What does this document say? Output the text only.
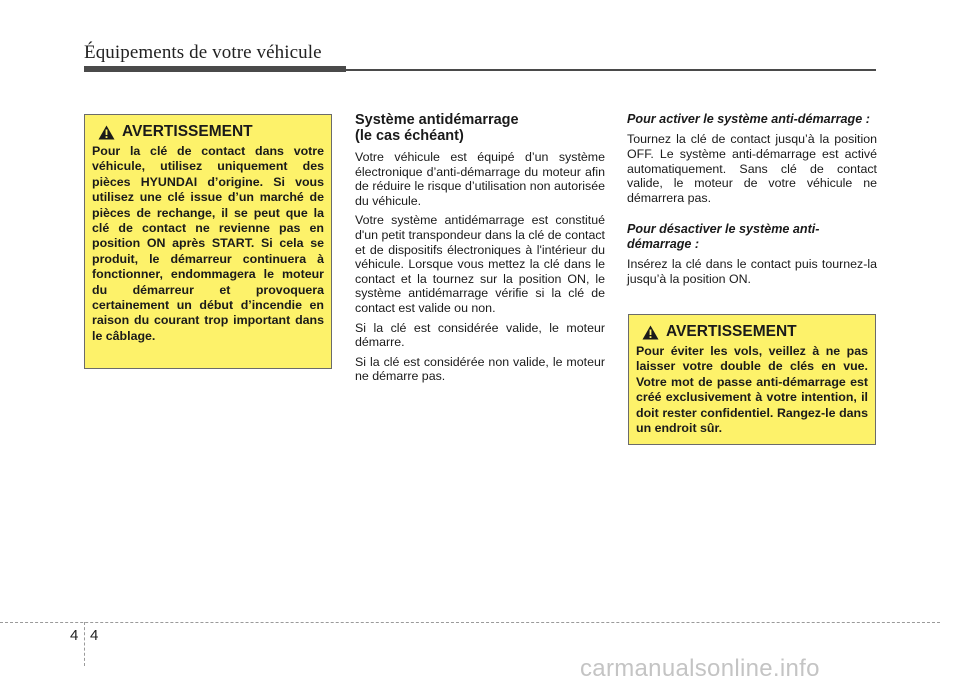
Équipements de votre véhicule
AVERTISSEMENT
Pour la clé de contact dans votre véhicule, utilisez uniquement des pièces HYUNDAI d’origine. Si vous utilisez une clé issue d’un marché de pièces de rechange, il se peut que la clé de contact ne revienne pas en position ON après START. Si cela se produit, le démarreur continuera à fonctionner, endommagera le moteur du démarreur et provoquera certainement un début d’incendie en raison du courant trop important dans le câblage.
Système antidémarrage
(le cas échéant)

Votre véhicule est équipé d’un système électronique d’anti-démarrage du moteur afin de réduire le risque d’utilisation non autorisée du véhicule.

Votre système antidémarrage est constitué d'un petit transpondeur dans la clé de contact et de dispositifs électroniques à l'intérieur du véhicule. Lorsque vous mettez la clé dans le contact et la tournez sur la position ON, le système antidémarrage vérifie si la clé de contact est valide ou non.

Si la clé est considérée valide, le moteur démarre.

Si la clé est considérée non valide, le moteur ne démarre pas.

Pour activer le système anti-démarrage :

Tournez la clé de contact jusqu’à la position OFF. Le système anti-démarrage est activé automatiquement. Sans clé de contact valide, le moteur de votre véhicule ne démarrera pas.

Pour désactiver le système anti-démarrage :

Insérez la clé dans le contact puis tournez-la jusqu’à la position ON.

AVERTISSEMENT
Pour éviter les vols, veillez à ne pas laisser votre double de clés en vue. Votre mot de passe anti-démarrage est créé exclusivement à votre intention, il doit rester confidentiel. Rangez-le dans un endroit sûr.
4 4
carmanualsonline.info
